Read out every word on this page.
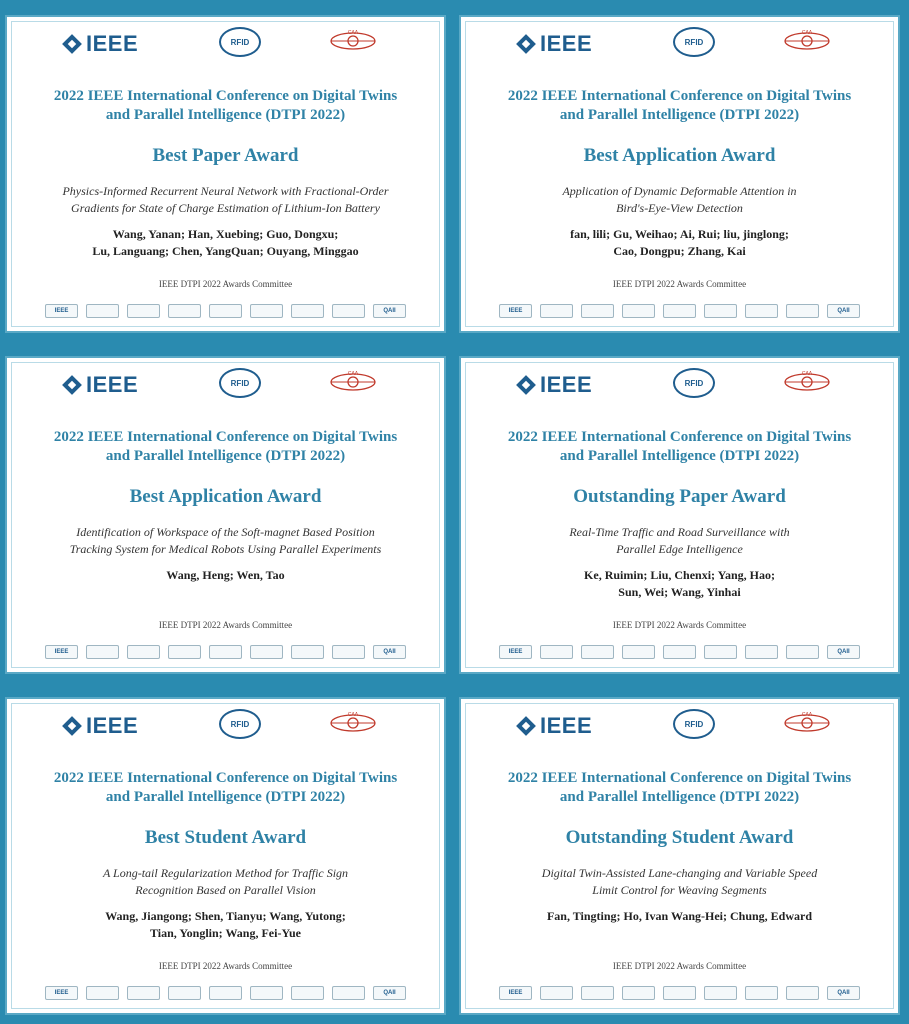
IEEE	RFID
CAA
2022 IEEE International Conference on Digital Twins
and Parallel Intelligence (DTPI 2022)
Best Paper Award
Physics-Informed Recurrent Neural Network with Fractional-Order
Gradients for State of Charge Estimation of Lithium-Ion Battery
Wang, Yanan; Han, Xuebing; Guo, Dongxu;
Lu, Languang; Chen, YangQuan; Ouyang, Minggao
IEEE DTPI 2022 Awards Committee
IEEE	QAII
IEEE	RFID
CAA
2022 IEEE International Conference on Digital Twins
and Parallel Intelligence (DTPI 2022)
Best Application Award
Application of Dynamic Deformable Attention in
Bird's-Eye-View Detection
fan, lili; Gu, Weihao; Ai, Rui; liu, jinglong;
Cao, Dongpu; Zhang, Kai
IEEE DTPI 2022 Awards Committee
IEEE	QAII
IEEE	RFID
CAA
2022 IEEE International Conference on Digital Twins
and Parallel Intelligence (DTPI 2022)
Best Application Award
Identification of Workspace of the Soft-magnet Based Position
Tracking System for Medical Robots Using Parallel Experiments
Wang, Heng; Wen, Tao
IEEE DTPI 2022 Awards Committee
IEEE	QAII
IEEE	RFID
CAA
2022 IEEE International Conference on Digital Twins
and Parallel Intelligence (DTPI 2022)
Outstanding Paper Award
Real-Time Traffic and Road Surveillance with
Parallel Edge Intelligence
Ke, Ruimin; Liu, Chenxi; Yang, Hao;
Sun, Wei; Wang, Yinhai
IEEE DTPI 2022 Awards Committee
IEEE	QAII
IEEE	RFID
CAA
2022 IEEE International Conference on Digital Twins
and Parallel Intelligence (DTPI 2022)
Best Student Award
A Long-tail Regularization Method for Traffic Sign
Recognition Based on Parallel Vision
Wang, Jiangong; Shen, Tianyu; Wang, Yutong;
Tian, Yonglin; Wang, Fei-Yue
IEEE DTPI 2022 Awards Committee
IEEE	QAII
IEEE	RFID
CAA
2022 IEEE International Conference on Digital Twins
and Parallel Intelligence (DTPI 2022)
Outstanding Student Award
Digital Twin-Assisted Lane-changing and Variable Speed
Limit Control for Weaving Segments
Fan, Tingting; Ho, Ivan Wang-Hei; Chung, Edward
IEEE DTPI 2022 Awards Committee
IEEE	QAII
